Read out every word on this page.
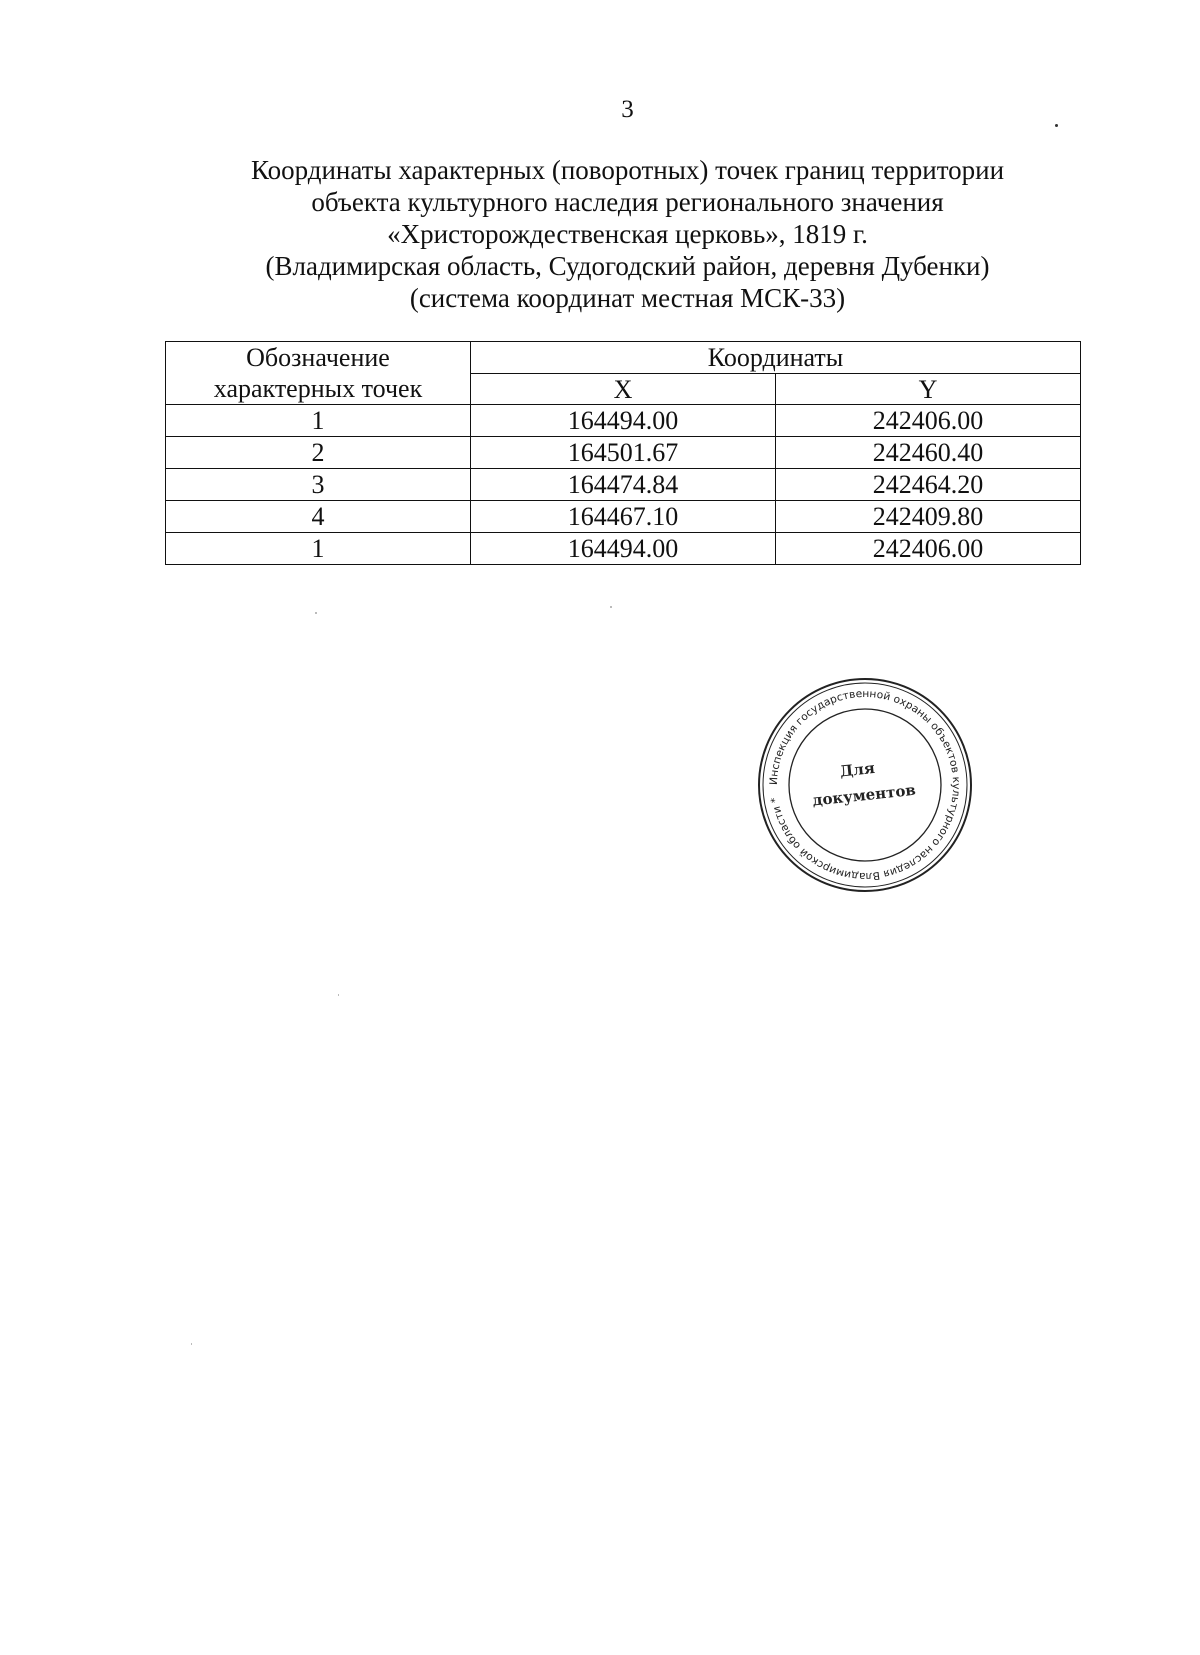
3
Координаты характерных (поворотных) точек границ территории
объекта культурного наследия регионального значения
«Христорождественская церковь», 1819 г.
(Владимирская область, Судогодский район, деревня Дубенки)
(система координат местная МСК-33)
Обозначение
характерных точек	Координаты	
	X	Y
1	164494.00	242406.00
2	164501.67	242460.40
3	164474.84	242464.20
4	164467.10	242409.80
1	164494.00	242406.00
Инспекция государственной охраны объектов культурного наследия Владимирской области *
Для
документов
